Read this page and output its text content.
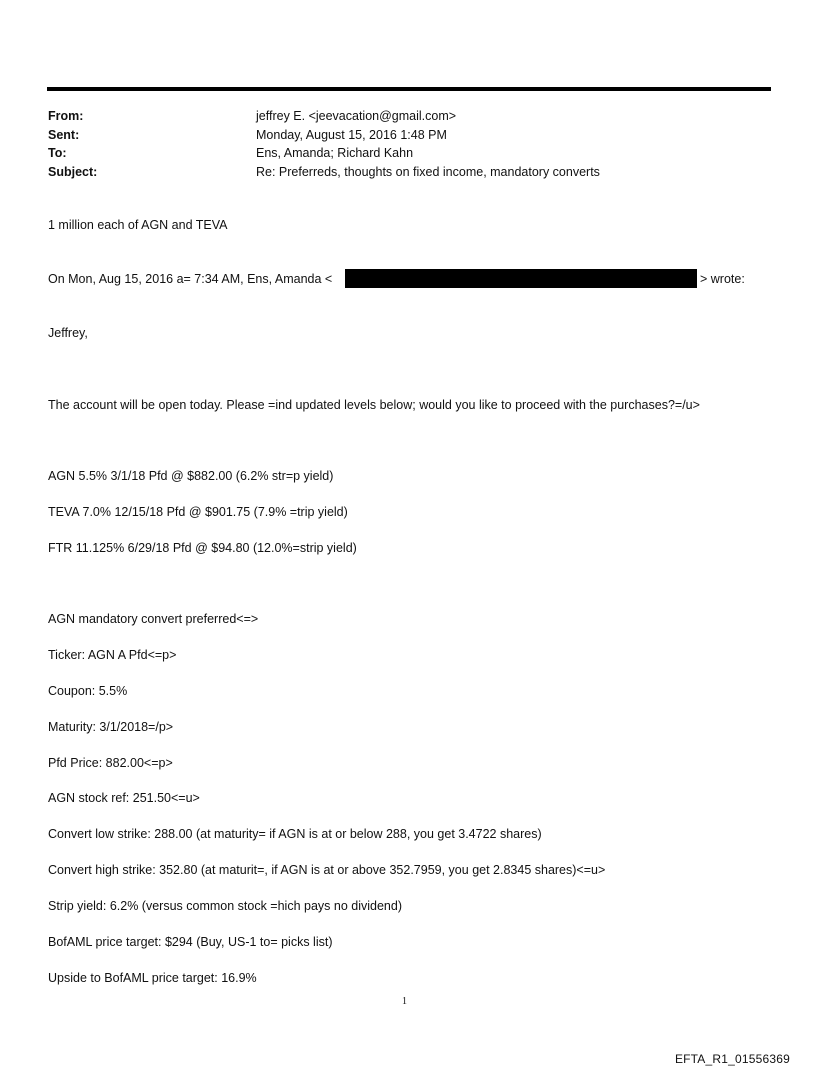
From:	jeffrey E. <jeevacation@gmail.com>
Sent:	Monday, August 15, 2016 1:48 PM
To:	Ens, Amanda; Richard Kahn
Subject:	Re: Preferreds, thoughts on fixed income, mandatory converts
1 million each of AGN and TEVA
On Mon, Aug 15, 2016 a= 7:34 AM, Ens, Amanda <	> wrote:
Jeffrey,
The account will be open today. Please =ind updated levels below; would you like to proceed with the purchases?=/u>
AGN 5.5% 3/1/18 Pfd @ $882.00 (6.2% str=p yield)
TEVA 7.0% 12/15/18 Pfd @ $901.75 (7.9% =trip yield)
FTR 11.125% 6/29/18 Pfd @ $94.80 (12.0%=strip yield)
AGN mandatory convert preferred<=>
Ticker: AGN A Pfd<=p>
Coupon: 5.5%
Maturity: 3/1/2018=/p>
Pfd Price: 882.00<=p>
AGN stock ref: 251.50<=u>
Convert low strike: 288.00 (at maturity= if AGN is at or below 288, you get 3.4722 shares)
Convert high strike: 352.80 (at maturit=, if AGN is at or above 352.7959, you get 2.8345 shares)<=u>
Strip yield: 6.2% (versus common stock =hich pays no dividend)
BofAML price target: $294 (Buy, US-1 to= picks list)
Upside to BofAML price target: 16.9%
1
EFTA_R1_01556369
